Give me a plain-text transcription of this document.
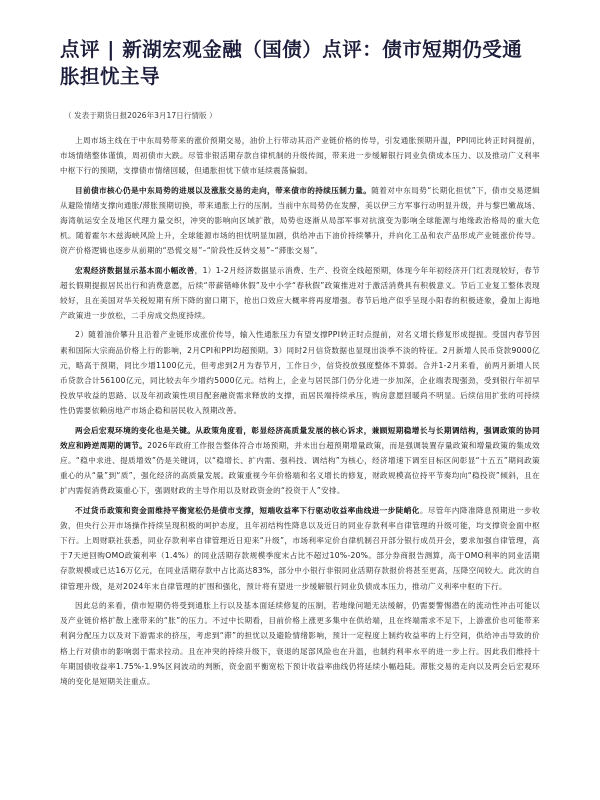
点评 | 新湖宏观金融（国债）点评：债市短期仍受通胀担忧主导
（ 发表于期货日报2026年3月17日行情版 ）

上周市场主线在于中东局势带来的涨价预期交易，油价上行带动其沿产业链价格的传导，引发通胀预期升温，PPI同比转正时间提前，市场情绪整体谨慎，周初债市大跌。尽管非银活期存款自律机制的升级传闻，带来进一步缓解银行同业负债成本压力、以及推动广义利率中枢下行的预期，支撑债市情绪回暖，但通胀担忧下债市延续震荡偏弱。

目前债市核心仍是中东局势的进展以及涨胀交易的走向，带来债市的持续压制力量。随着对中东局势“长期化担忧”下，债市交易逻辑从避险情绪支撑向通胀/滞胀预期切换，带来通胀上行的压制。当前中东局势仍在发酵，美以伊三方军事行动明显升级，并与黎巴嫩战场、海湾航运安全及地区代理力量交织，冲突的影响向区域扩散，局势也逐渐从局部军事对抗演变为影响全球能源与地缘政治格局的重大危机。随着霍尔木兹海峡风险上升，全球能源市场的担忧明显加剧，供给冲击下油价持续攀升，并向化工品和农产品形成产业链涨价传导。资产价格逻辑也逐步从前期的“恐慌交易”–“阶段性反转交易”–“滞胀交易”。

宏观经济数据显示基本面小幅改善，1）1-2月经济数据显示消费、生产、投资全线超预期，体现今年年初经济开门红表现较好，春节超长假期提振居民出行和消费意愿，后续“带薪错峰休假”及中小学“春秋假”政策推进对于激活消费具有积极意义。节后工业复工整体表现较好，且在美国对华关税短期有所下降的窗口期下，抢出口效应大概率将再度增强。春节后地产似乎呈现小阳春的积极迹象，叠加上海地产政策进一步放松，二手房成交热度持续。

2）随着油价攀升且沿着产业链形成涨价传导，输入性通胀压力有望支撑PPI转正时点提前，对名义增长修复形成提振。受国内春节因素和国际大宗商品价格上行的影响，2月CPI和PPI均超预期。3）同时2月信贷数据也显现出淡季不淡的特征。2月新增人民币贷款9000亿元，略高于预期，同比少增1100亿元，但考虑到2月为春节月，工作日少，信贷投放强度整体不算弱。合并1-2月来看，前两月新增人民币贷款合计56100亿元，同比较去年少增约5000亿元。结构上，企业与居民部门仍分化进一步加深，企业端表现强劲，受到银行年初早投放早收益的思路、以及年初政策性项目配套融资需求释放的支撑，而居民端持续承压，购房意愿回暖尚不明显。后续信用扩张的可持续性仍需要依赖房地产市场企稳和居民收入预期改善。

两会后宏观环境的变化也是关键。从政策角度看，彰显经济高质量发展的核心诉求，兼顾短期稳增长与长期调结构，强调政策的协同效应和跨逆周期的调节。2026年政府工作报告整体符合市场预期，并未出台超预期增量政策，而是强调装置存量政策和增量政策的集成效应。“稳中求进、提质增效”仍是关键词，以“稳增长、扩内需、强科技、调结构”为核心，经济增速下调至目标区间彰显“十五五”期间政策重心的从“量”到“质”，强化经济的高质量发展。政策重视今年价格端和名义增长的修复，财政规模高位持平节奏均向“稳投资”倾斜，且在扩内需促消费政策重心下，强调财政的主导作用以及财政资金的“投资于人”安排。

不过货币政策和资金面维持平衡宽松仍是债市支撑，短端收益率下行驱动收益率曲线进一步陡峭化。尽管年内降准降息预期进一步收敛，但央行公开市场操作持续呈现积极的呵护态度，且年初结构性降息以及近日的同业存款利率自律管理的升级可能，均支撑资金面中枢下行。上周财联社获悉，同业存款利率自律管理近日迎来“升级”，市场利率定价自律机制召开部分银行成员开会，要求加强自律管理，高于7天逆回购OMO政策利率（1.4%）的同业活期存款规模季度末占比不超过10%-20%。部分券商报告测算，高于OMO利率的同业活期存款规模或已达16万亿元，在同业活期存款中占比高达83%，部分中小银行非银同业活期存款报价将甚至更高，压降空间较大。此次的自律管理升级，是对2024年末自律管理的扩围和强化，预计将有望进一步缓解银行同业负债成本压力，推动广义利率中枢的下行。

因此总的来看，债市短期仍将受到通胀上行以及基本面延续修复的压制，若地缘问题无法缓解，仍需要警惕潜在的流动性冲击可能以及产业链价格扩散上涨带来的“胀”的压力。不过中长期看，目前价格上涨更多集中在供给端，且在终端需求不足下，上游涨价也可能带来利润分配压力以及对下游需求的挤压，考虑到“滞”的担忧以及避险情绪影响，预计一定程度上制约收益率的上行空间，供给冲击导致的价格上行对债市的影响弱于需求拉动。且在冲突的持续升级下，衰退的尾部风险也在升温，也制约利率水平的进一步上行。因此我们维持十年期国债收益率1.75%-1.9%区间波动的判断，资金面平衡宽松下预计收益率曲线仍将延续小幅趋陡。滞胀交易的走向以及两会后宏观环境的变化是短期关注重点。
